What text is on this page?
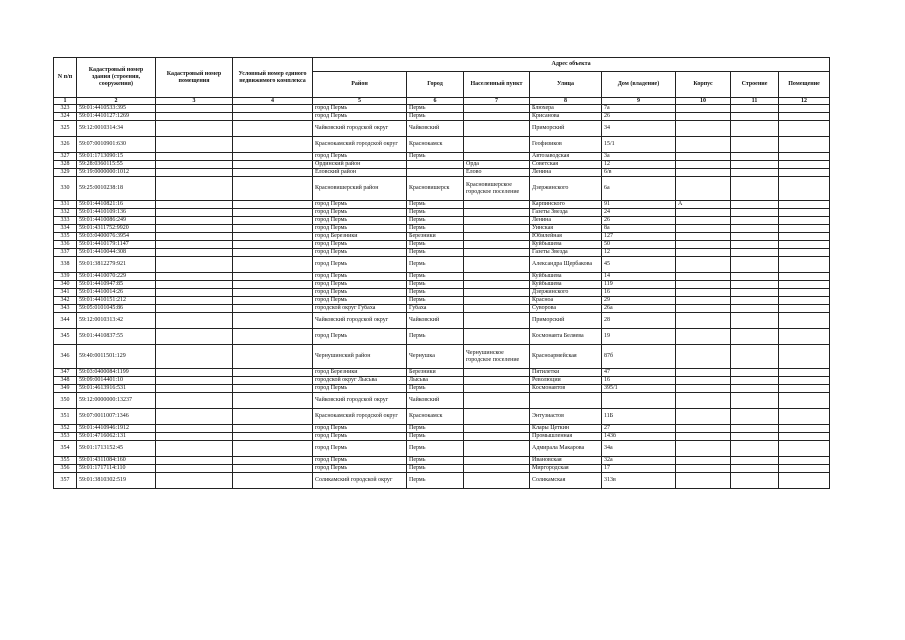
N п/п	Кадастровый номер здания (строения, сооружения)	Кадастровый номер помещения	Условный номер единого недвижимого комплекса	Адрес объекта							
				Район	Город	Населенный пункт	Улица	Дом (владение)	Корпус	Строение	Помещение
1	2	3	4	5	6	7	8	9	10	11	12
323	59:01:4410533:395			город Пермь	Пермь		Блюхера	7а			
324	59:01:4410127:1269			город Пермь	Пермь		Крисанова	26			
325	59:12:0010314:34			Чайковский городской округ	Чайковский		Приморский	34			
326	59:07:0010901:630			Краснокамский городской округ	Краснокамск		Геофизиков	15/1			
327	59:01:1713090:15			город Пермь	Пермь		Автозаводская	3а			
328	59:28:0360115:55			Ординский район		Орда	Советская	12			
329	59:19:0000000:1012			Еловский район		Елово	Ленина	6/в			
330	59:25:0010238:18			Красновишерский район	Красновишерск	Красновишерское городское поселение	Дзержинского	6а			
331	59:01:4410821:16			город Пермь	Пермь		Карпинского	91	А		
332	59:01:4410109:136			город Пермь	Пермь		Газеты Звезда	24			
333	59:01:4410086:249			город Пермь	Пермь		Ленина	26			
334	59:01:4311752:9920			город Пермь	Пермь		Уинская	8а			
335	59:03:0400076:3954			город Березники	Березники		Юбилейная	127			
336	59:01:4410179:1147			город Пермь	Пермь		Куйбышева	50			
337	59:01:4410044:308			город Пермь	Пермь		Газеты Звезда	12			
338	59:01:3812279:921			город Пермь	Пермь		Александра Щербакова	45			
339	59:01:4410070:229			город Пермь	Пермь		Куйбышева	14			
340	59:01:4410947:85			город Пермь	Пермь		Куйбышева	119			
341	59:01:4410014:26			город Пермь	Пермь		Дзержинского	16			
342	59:01:4410151:212			город Пермь	Пермь		Красноа	29			
343	59:05:0101045:86			городской округ Губаха	Губаха		Суворова	26а			
344	59:12:0010313:42			Чайковский городской округ	Чайковский		Приморский	28			
345	59:01:4410837:55			город Пермь	Пермь		Космонавта Беляева	19			
346	59:40:0011501:129			Чернушинский район	Чернушка	Чернушинское городское поселение	Красноармейская	87б			
347	59:03:0400084:1199			город Березники	Березники		Пятилетки	47			
348	59:09:0014401:10			городской округ Лысьва	Лысьва		Революции	16			
349	59:01:4613916:531			город Пермь	Пермь		Космонавтов	395/1			
350	59:12:0000000:13237			Чайковский городской округ	Чайковский						
351	59:07:0011007:1346			Краснокамский городской округ	Краснокамск		Энтузиастов	11Б			
352	59:01:4410946:1912			город Пермь	Пермь		Клары Цеткин	27			
353	59:01:4716062:131			город Пермь	Пермь		Промышленная	143б			
354	59:01:1713152:45			город Пермь	Пермь		Адмирала Макарова	34а			
355	59:01:4311084:160			город Пермь	Пермь		Ивановская	32а			
356	59:01:1717114:110			город Пермь	Пермь		Миргородская	17			
357	59:01:3810302:519			Соликамский городской округ	Пермь		Соликамская	313в			
